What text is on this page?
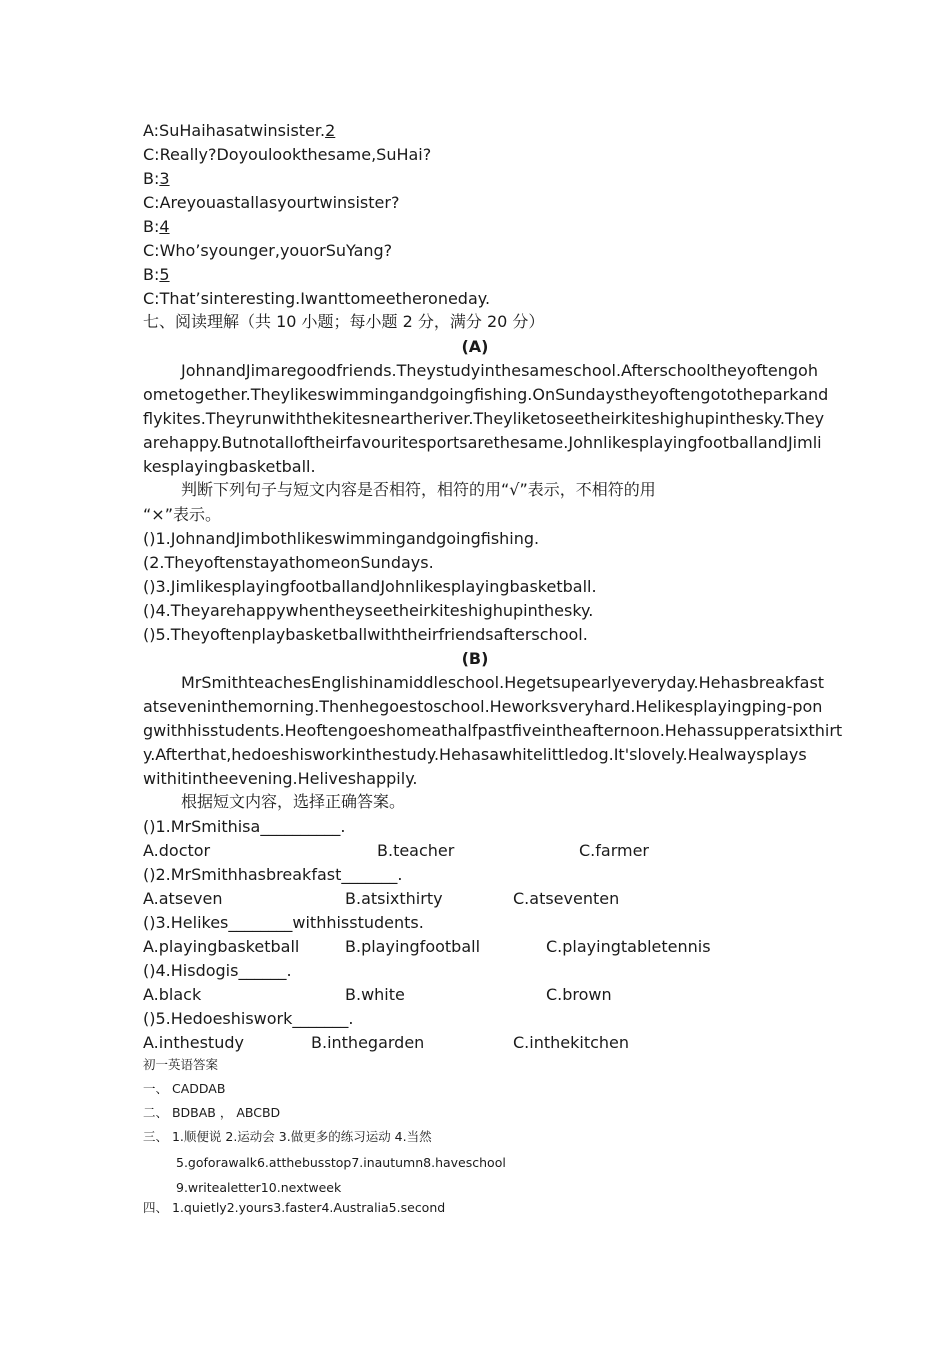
A:SuHaihasatwinsister.2
C:Really?Doyoulookthesame,SuHai?
B:3
C:Areyouastallasyourtwinsister?
B:4
C:Who’syounger,youorSuYang?
B:5
C:That’sinteresting.Iwanttomeetheroneday.
七、阅读理解（共 10 小题；每小题 2 分，满分 20 分）
(A)
JohnandJimaregoodfriends.Theystudyinthesameschool.Afterschooltheyoftengoh
ometogether.Theylikeswimmingandgoingfishing.OnSundaystheyoftengototheparkand
flykites.Theyrunwiththekitesneartheriver.Theyliketoseetheirkiteshighupinthesky.They
arehappy.Butnotalloftheirfavouritesportsarethesame.JohnlikesplayingfootballandJimli
kesplayingbasketball.
判断下列句子与短文内容是否相符，相符的用“√”表示，不相符的用
“×”表示。
()1.JohnandJimbothlikeswimmingandgoingfishing.
(2.TheyoftenstayathomeonSundays.
()3.JimlikesplayingfootballandJohnlikesplayingbasketball.
()4.Theyarehappywhentheyseetheirkiteshighupinthesky.
()5.Theyoftenplaybasketballwiththeirfriendsafterschool.
(B)
MrSmithteachesEnglishinamiddleschool.Hegetsupearlyeveryday.Hehasbreakfast
atseveninthemorning.Thenhegoestoschool.Heworksveryhard.Helikesplayingping-pon
gwithhisstudents.Heoftengoeshomeathalfpastfiveintheafternoon.Hehassupperatsixthirt
y.Afterthat,hedoeshisworkinthestudy.Hehasawhitelittledog.It'slovely.Healwaysplays
withitintheevening.Heliveshappily.
根据短文内容，选择正确答案。
()1.MrSmithisa__________.
A.doctor	B.teacher	C.farmer
()2.MrSmithhasbreakfast_______.
A.atseven	B.atsixthirty	C.atseventen
()3.Helikes________withhisstudents.
A.playingbasketball	B.playingfootball	C.playingtabletennis
()4.Hisdogis______.
A.black	B.white	C.brown
()5.Hedoeshiswork_______.
A.inthestudy	B.inthegarden	C.inthekitchen
初一英语答案
一、 CADDAB
二、 BDBAB ， ABCBD
三、 1.顺便说 2.运动会 3.做更多的练习运动 4.当然
5.goforawalk6.atthebusstop7.inautumn8.haveschool
9.writealetter10.nextweek
四、 1.quietly2.yours3.faster4.Australia5.second
